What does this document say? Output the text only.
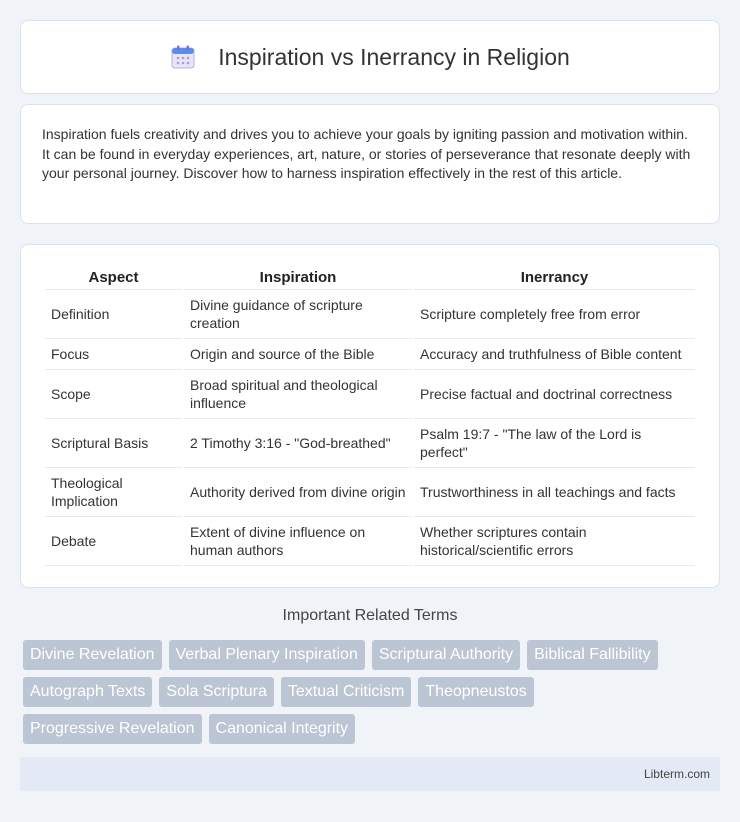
Inspiration vs Inerrancy in Religion

Inspiration fuels creativity and drives you to achieve your goals by igniting passion and motivation within. It can be found in everyday experiences, art, nature, or stories of perseverance that resonate deeply with your personal journey. Discover how to harness inspiration effectively in the rest of this article.

Aspect	Inspiration	Inerrancy
Definition	Divine guidance of scripture creation	Scripture completely free from error
Focus	Origin and source of the Bible	Accuracy and truthfulness of Bible content
Scope	Broad spiritual and theological influence	Precise factual and doctrinal correctness
Scriptural Basis	2 Timothy 3:16 - "God-breathed"	Psalm 19:7 - "The law of the Lord is perfect"
Theological Implication	Authority derived from divine origin	Trustworthiness in all teachings and facts
Debate	Extent of divine influence on human authors	Whether scriptures contain historical/scientific errors
Important Related Terms
Divine Revelation	Verbal Plenary Inspiration	Scriptural Authority	Biblical Fallibility
Autograph Texts	Sola Scriptura	Textual Criticism	Theopneustos
Progressive Revelation	Canonical Integrity
Libterm.com
